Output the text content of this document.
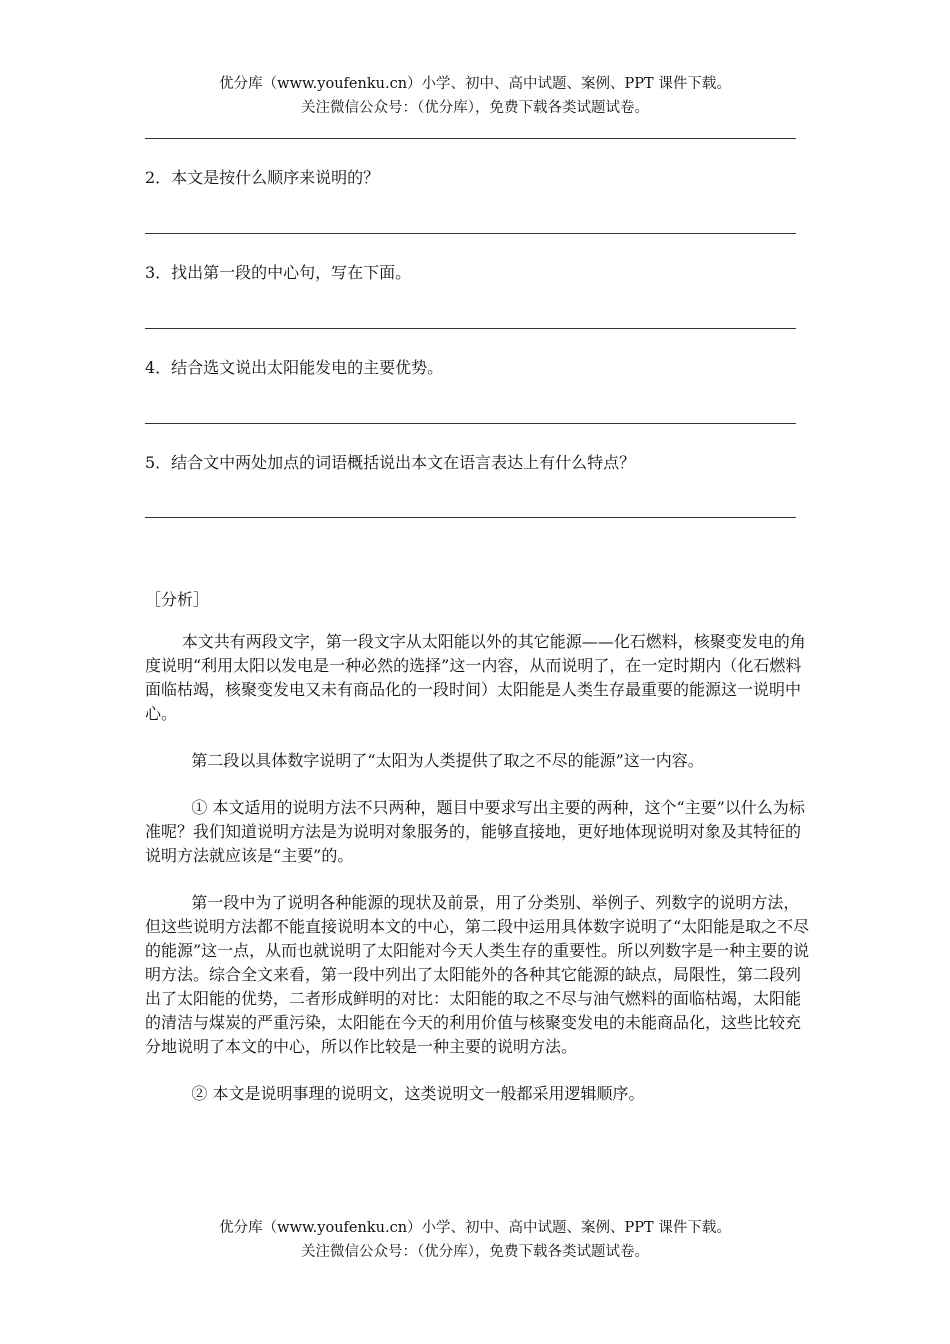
优分库（www.youfenku.cn）小学、初中、高中试题、案例、PPT 课件下载。
关注微信公众号：（优分库），免费下载各类试题试卷。
2．本文是按什么顺序来说明的？
3．找出第一段的中心句，写在下面。
4．结合选文说出太阳能发电的主要优势。
5．结合文中两处加点的词语概括说出本文在语言表达上有什么特点？

［分析］

本文共有两段文字，第一段文字从太阳能以外的其它能源——化石燃料，核聚变发电的角度说明“利用太阳以发电是一种必然的选择”这一内容，从而说明了，在一定时期内（化石燃料面临枯竭，核聚变发电又未有商品化的一段时间）太阳能是人类生存最重要的能源这一说明中心。

第二段以具体数字说明了“太阳为人类提供了取之不尽的能源”这一内容。

① 本文适用的说明方法不只两种，题目中要求写出主要的两种，这个“主要”以什么为标准呢？我们知道说明方法是为说明对象服务的，能够直接地，更好地体现说明对象及其特征的说明方法就应该是“主要”的。

第一段中为了说明各种能源的现状及前景，用了分类别、举例子、列数字的说明方法，但这些说明方法都不能直接说明本文的中心，第二段中运用具体数字说明了“太阳能是取之不尽的能源”这一点，从而也就说明了太阳能对今天人类生存的重要性。所以列数字是一种主要的说明方法。综合全文来看，第一段中列出了太阳能外的各种其它能源的缺点，局限性，第二段列出了太阳能的优势，二者形成鲜明的对比：太阳能的取之不尽与油气燃料的面临枯竭，太阳能的清洁与煤炭的严重污染，太阳能在今天的利用价值与核聚变发电的未能商品化，这些比较充分地说明了本文的中心，所以作比较是一种主要的说明方法。

② 本文是说明事理的说明文，这类说明文一般都采用逻辑顺序。

优分库（www.youfenku.cn）小学、初中、高中试题、案例、PPT 课件下载。
关注微信公众号：（优分库），免费下载各类试题试卷。
